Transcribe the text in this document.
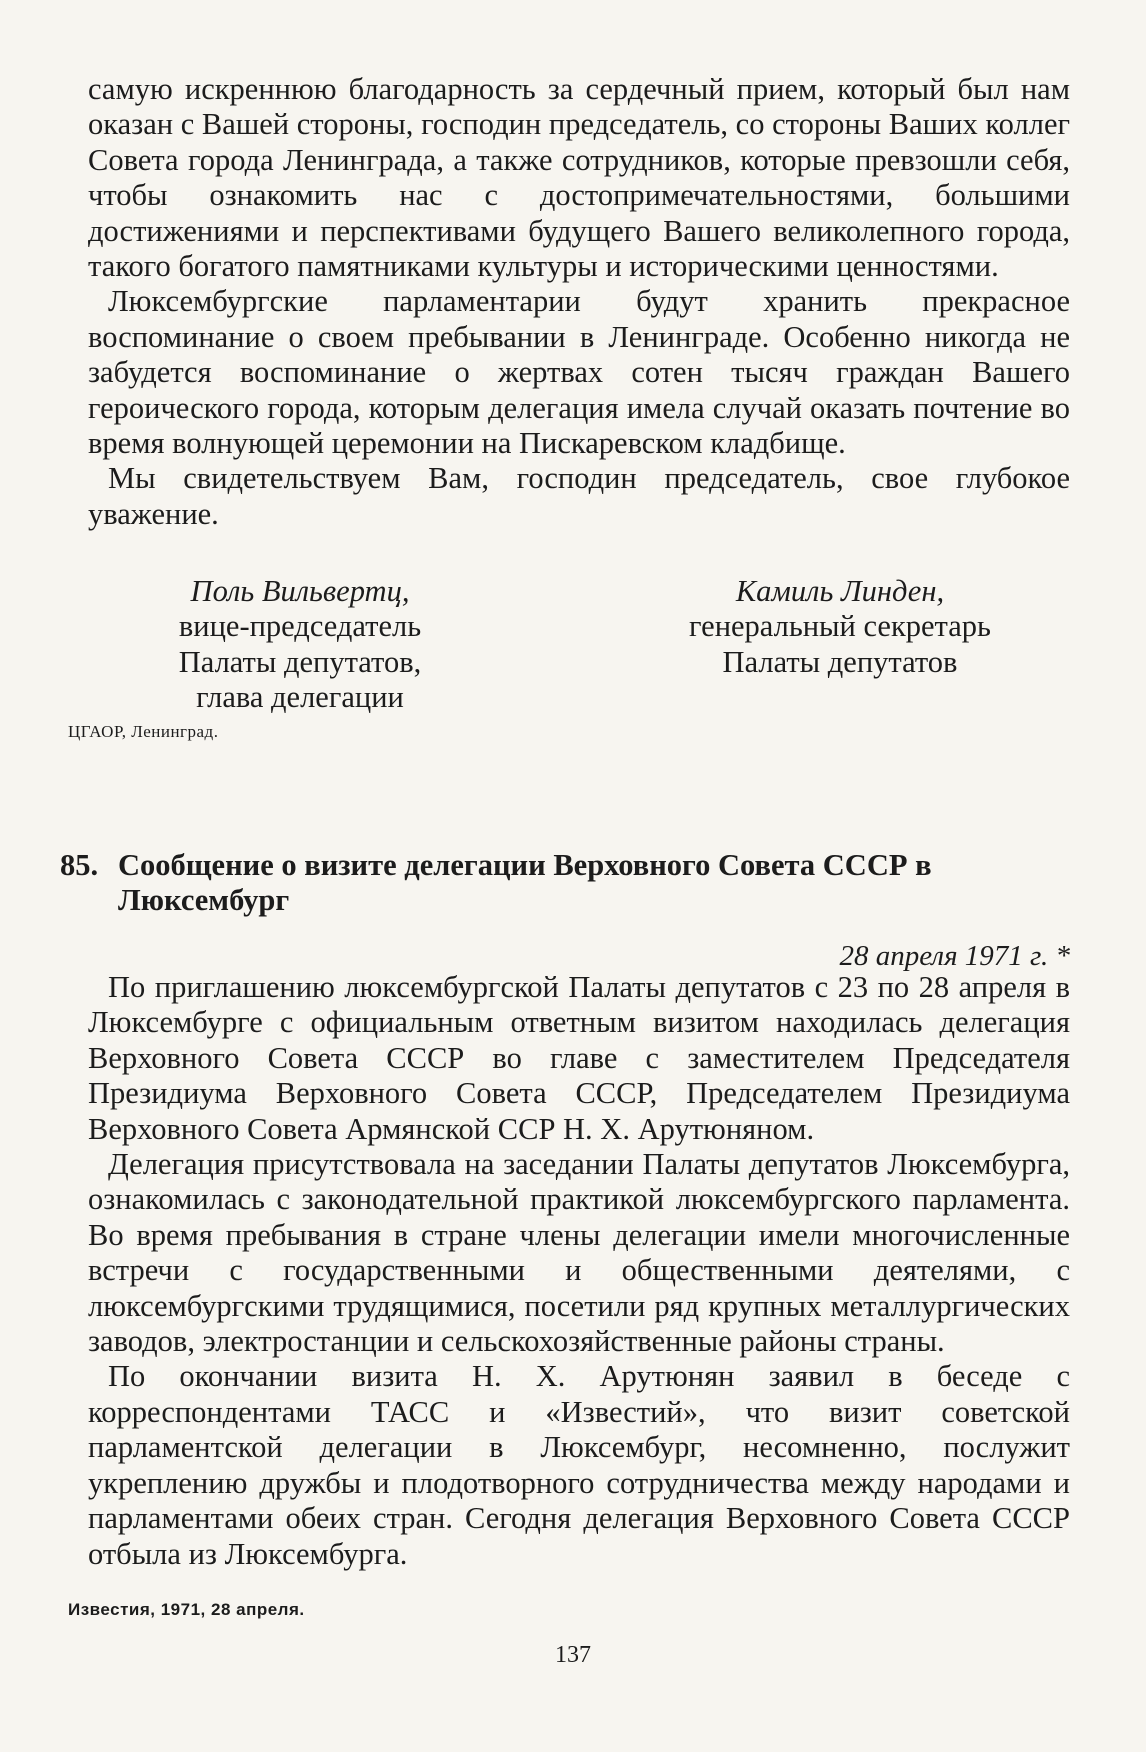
самую искреннюю благодарность за сердечный прием, который был нам оказан с Вашей стороны, господин председатель, со стороны Ваших коллег Совета города Ленинграда, а также сотрудников, которые превзошли себя, чтобы ознакомить нас с достопримечательностями, большими достижениями и перспективами будущего Вашего великолепного города, такого богатого памятниками культуры и историческими ценностями.

Люксембургские парламентарии будут хранить прекрасное воспоминание о своем пребывании в Ленинграде. Особенно никогда не забудется воспоминание о жертвах сотен тысяч граждан Вашего героического города, которым делегация имела случай оказать почтение во время волнующей церемонии на Пискаревском кладбище.

Мы свидетельствуем Вам, господин председатель, свое глубокое уважение.

Поль Вильвертц,
вице-председатель
Палаты депутатов,
глава делегации
Камиль Линден,
генеральный секретарь
Палаты депутатов
ЦГАОР, Ленинград.
85. Сообщение о визите делегации Верховного Совета СССР в
Люксембург
28 апреля 1971 г. *

По приглашению люксембургской Палаты депутатов с 23 по 28 апреля в Люксембурге с официальным ответным визитом находилась делегация Верховного Совета СССР во главе с заместителем Председателя Президиума Верховного Совета СССР, Председателем Президиума Верховного Совета Армянской ССР Н. Х. Арутюняном.

Делегация присутствовала на заседании Палаты депутатов Люксембурга, ознакомилась с законодательной практикой люксембургского парламента. Во время пребывания в стране члены делегации имели многочисленные встречи с государственными и общественными деятелями, с люксембургскими трудящимися, посетили ряд крупных металлургических заводов, электростанции и сельскохозяйственные районы страны.

По окончании визита Н. Х. Арутюнян заявил в беседе с корреспондентами ТАСС и «Известий», что визит советской парламентской делегации в Люксембург, несомненно, послужит укреплению дружбы и плодотворного сотрудничества между народами и парламентами обеих стран. Сегодня делегация Верховного Совета СССР отбыла из Люксембурга.

Известия, 1971, 28 апреля.
137
